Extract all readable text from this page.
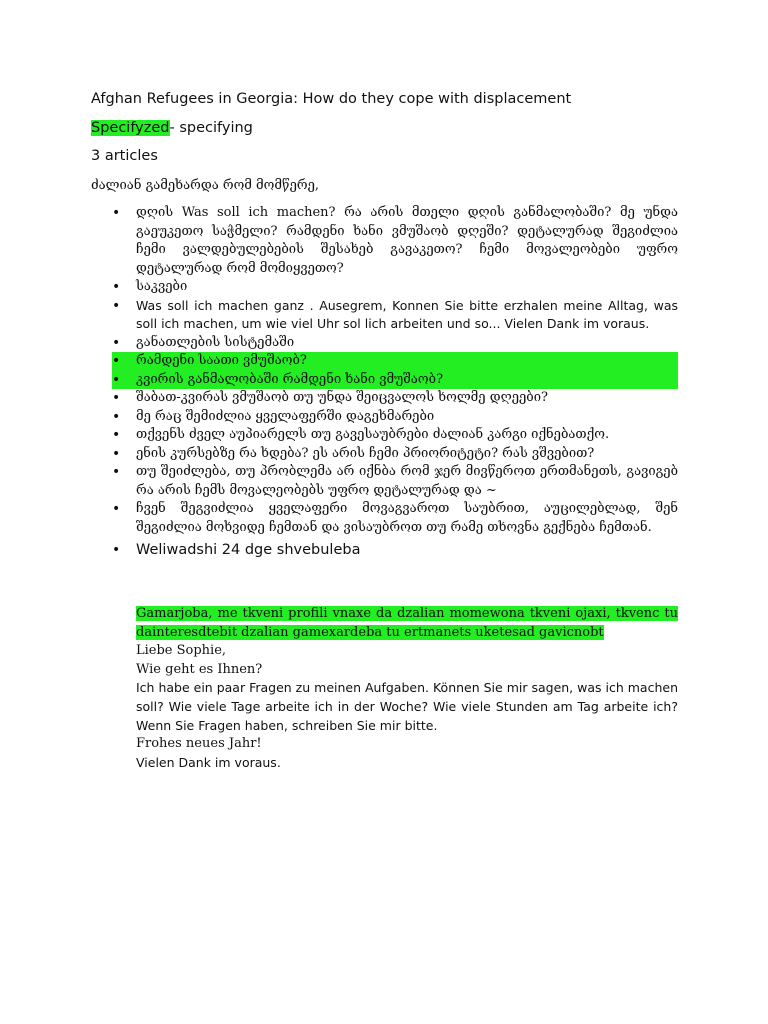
Afghan Refugees in Georgia: How do they cope with displacement
Specifyzed- specifying
3 articles
ძალიან გამეხარდა რომ მომწერე,
• დღის Was soll ich machen? რა არის მთელი დღის განმალობაში? მე უნდა გაეუკეთო საჭმელი? რამდენი ხანი ვმუშაობ დღეში? დეტალურად შეგიძლია ჩემი ვალდებულებების შესახებ გავაკეთო? ჩემი მოვალეობები უფრო დეტალურად რომ მომიყვეთო?
• საკვები
• Was soll ich machen ganz . Ausegrem, Konnen Sie bitte erzhalen meine Alltag, was soll ich machen, um wie viel Uhr sol lich arbeiten und so... Vielen Dank im voraus.
• განათლების სისტემაში
• რამდენი საათი ვმუშაობ?
• კვირის განმალობაში რამდენი ხანი ვმუშაობ?
• შაბათ-კვირას ვმუშაობ თუ უნდა შეიცვალოს ხოლმე დღეები?
• მე რაც შემიძლია ყველაფერში დაგეხმარები
• თქვენს ძველ აუპიარელს თუ გავესაუბრები ძალიან კარგი იქნებათქო.
• ენის კურსებზე რა ხდება? ეს არის ჩემი პრიორიტეტი? რას ვშვებით?
• თუ შეიძლება, თუ პრობლემა არ იქნბა რომ ჯერ მივწეროთ ერთმანეთს, გავიგებ რა არის ჩემს მოვალეობებს უფრო დეტალურად და ~
• ჩვენ შეგვიძლია ყველაფერი მოვაგვაროთ საუბრით, აუცილებლად, შენ შეგიძლია მოხვიდე ჩემთან და ვისაუბროთ თუ რამე თხოვნა გექნება ჩემთან.
• Weliwadshi 24 dge shvebuleba

Gamarjoba, me tkveni profili vnaxe da dzalian momewona tkveni ojaxi, tkvenc tu dainteresdtebit dzalian gamexardeba tu ertmanets uketesad gavicnobt

Liebe Sophie,

Wie geht es Ihnen?

Ich habe ein paar Fragen zu meinen Aufgaben. Können Sie mir sagen, was ich machen soll? Wie viele Tage arbeite ich in der Woche? Wie viele Stunden am Tag arbeite ich? Wenn Sie Fragen haben, schreiben Sie mir bitte.

Frohes neues Jahr!

Vielen Dank im voraus.
